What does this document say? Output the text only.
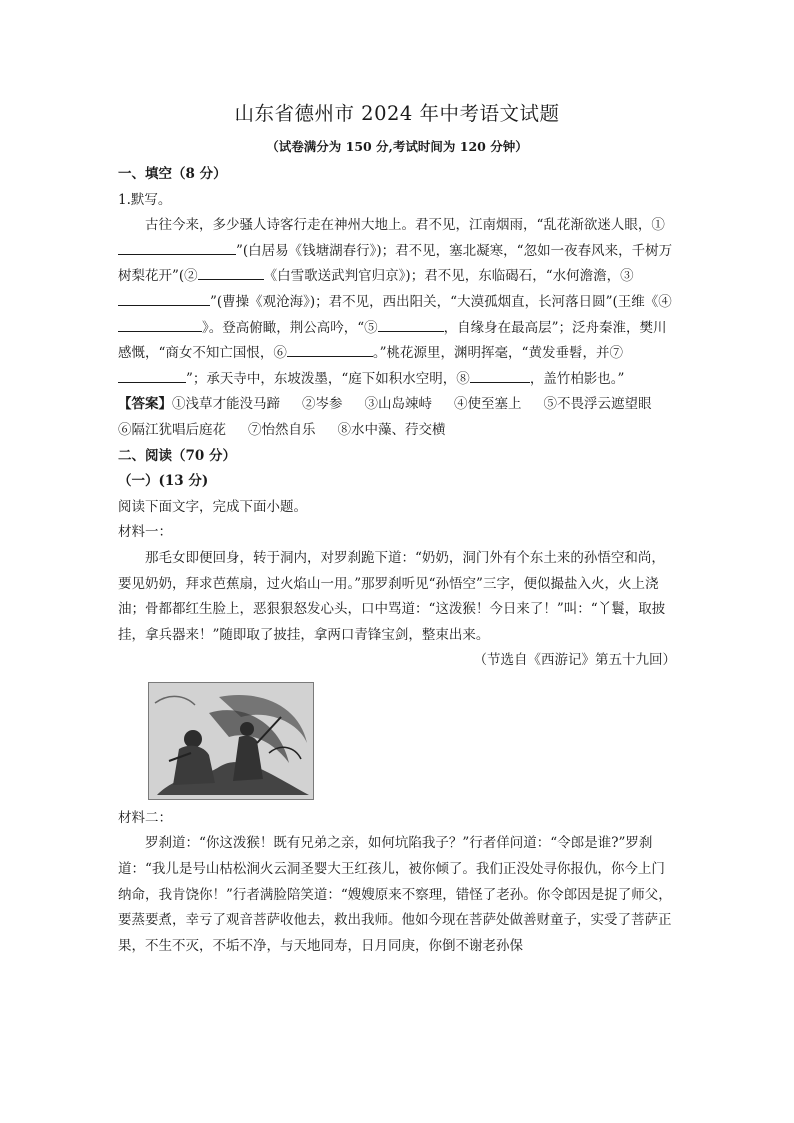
山东省德州市 2024 年中考语文试题
（试卷满分为 150 分,考试时间为 120 分钟）

一、填空（8 分）

1.默写。

古往今来，多少骚人诗客行走在神州大地上。君不见，江南烟雨，“乱花渐欲迷人眼，①”(白居易《钱塘湖春行》)；君不见，塞北凝寒，“忽如一夜春风来，千树万树梨花开”(②	《白雪歌送武判官归京》)；君不见，东临碣石，“水何澹澹，③”(曹操《观沧海》)；君不见，西出阳关，“大漠孤烟直，长河落日圆”(王维《④》。登高俯瞰，荆公高吟，“⑤	，自缘身在最高层”；泛舟秦淮，樊川感慨，“商女不知亡国恨，⑥	。”桃花源里，渊明挥毫，“黄发垂髫，并⑦”；承天寺中，东坡泼墨，“庭下如积水空明，⑧	，盖竹柏影也。”

【答案】①浅草才能没马蹄 ②岑参 ③山岛竦峙 ④使至塞上 ⑤不畏浮云遮望眼⑥隔江犹唱后庭花 ⑦怡然自乐 ⑧水中藻、荇交横

二、阅读（70 分）

（一）(13 分)

阅读下面文字，完成下面小题。

材料一：

那毛女即便回身，转于洞内，对罗刹跪下道：“奶奶，洞门外有个东土来的孙悟空和尚，要见奶奶，拜求芭蕉扇，过火焰山一用。”那罗刹听见“孙悟空”三字，便似撮盐入火，火上浇油；骨都都红生脸上，恶狠狠怒发心头，口中骂道：“这泼猴！今日来了！”叫：“丫鬟，取披挂，拿兵器来！”随即取了披挂，拿两口青锋宝剑，整束出来。

（节选自《西游记》第五十九回）

材料二：

罗刹道：“你这泼猴！既有兄弟之亲，如何坑陷我子？”行者佯问道：“令郎是谁?”罗刹道：“我儿是号山枯松涧火云洞圣婴大王红孩儿，被你倾了。我们正没处寻你报仇，你今上门纳命，我肯饶你！”行者满脸陪笑道：“嫂嫂原来不察理，错怪了老孙。你令郎因是捉了师父，要蒸要煮，幸亏了观音菩萨收他去，救出我师。他如今现在菩萨处做善财童子，实受了菩萨正果，不生不灭，不垢不净，与天地同寿，日月同庚，你倒不谢老孙保
